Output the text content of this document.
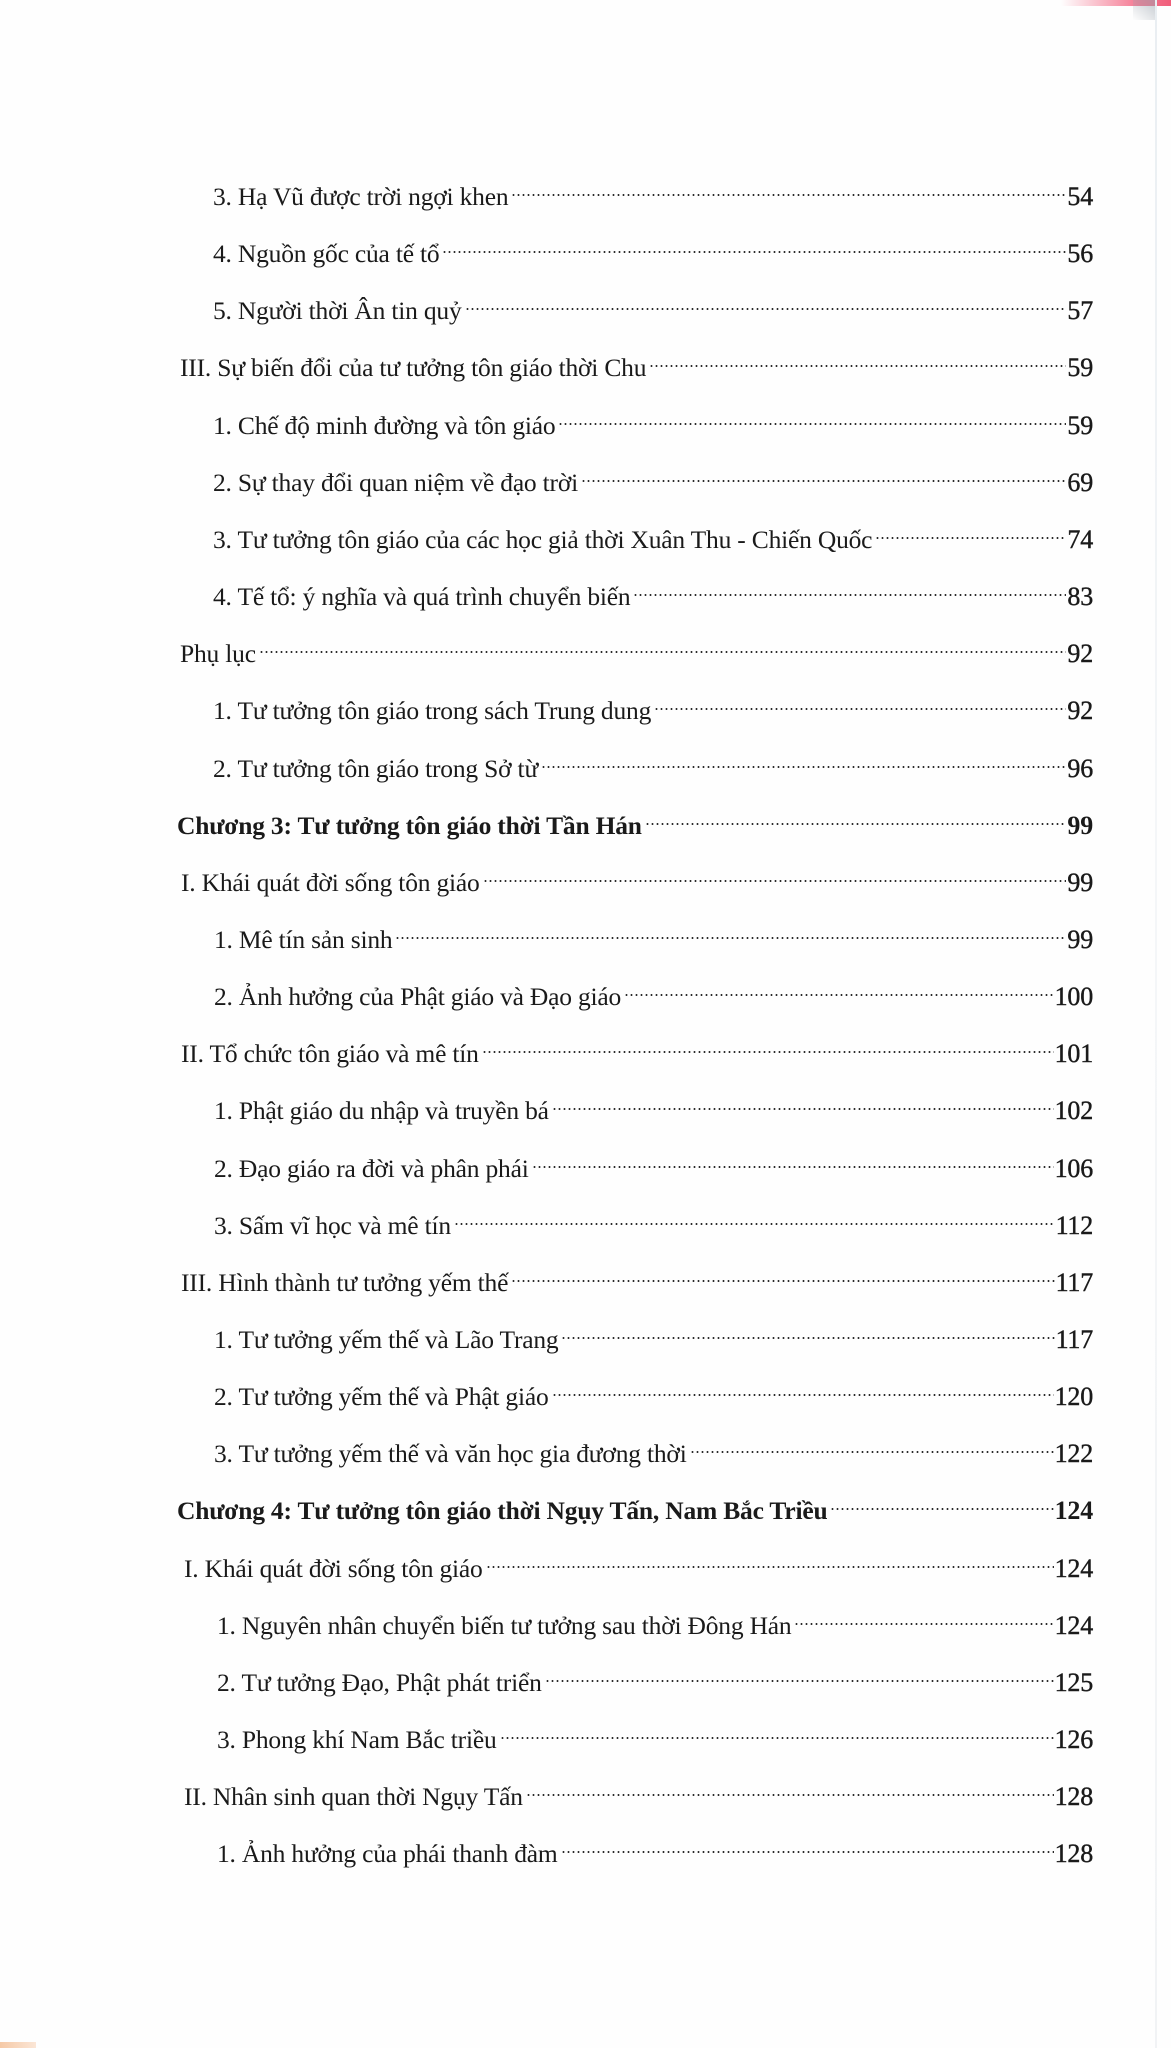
3. Hạ Vũ được trời ngợi khen	54
4. Nguồn gốc của tế tổ	56
5. Người thời Ân tin quỷ	57
III. Sự biến đổi của tư tưởng tôn giáo thời Chu	59
1. Chế độ minh đường và tôn giáo	59
2. Sự thay đổi quan niệm về đạo trời	69
3. Tư tưởng tôn giáo của các học giả thời Xuân Thu - Chiến Quốc	74
4. Tế tổ: ý nghĩa và quá trình chuyển biến	83
Phụ lục	92
1. Tư tưởng tôn giáo trong sách Trung dung	92
2. Tư tưởng tôn giáo trong Sở từ	96
Chương 3: Tư tưởng tôn giáo thời Tần Hán	99
I. Khái quát đời sống tôn giáo	99
1. Mê tín sản sinh	99
2. Ảnh hưởng của Phật giáo và Đạo giáo	100
II. Tổ chức tôn giáo và mê tín	101
1. Phật giáo du nhập và truyền bá	102
2. Đạo giáo ra đời và phân phái	106
3. Sấm vĩ học và mê tín	112
III. Hình thành tư tưởng yếm thế	117
1. Tư tưởng yếm thế và Lão Trang	117
2. Tư tưởng yếm thế và Phật giáo	120
3. Tư tưởng yếm thế và văn học gia đương thời	122
Chương 4: Tư tưởng tôn giáo thời Ngụy Tấn, Nam Bắc Triều	124
I. Khái quát đời sống tôn giáo	124
1. Nguyên nhân chuyển biến tư tưởng sau thời Đông Hán	124
2. Tư tưởng Đạo, Phật phát triển	125
3. Phong khí Nam Bắc triều	126
II. Nhân sinh quan thời Ngụy Tấn	128
1. Ảnh hưởng của phái thanh đàm	128
